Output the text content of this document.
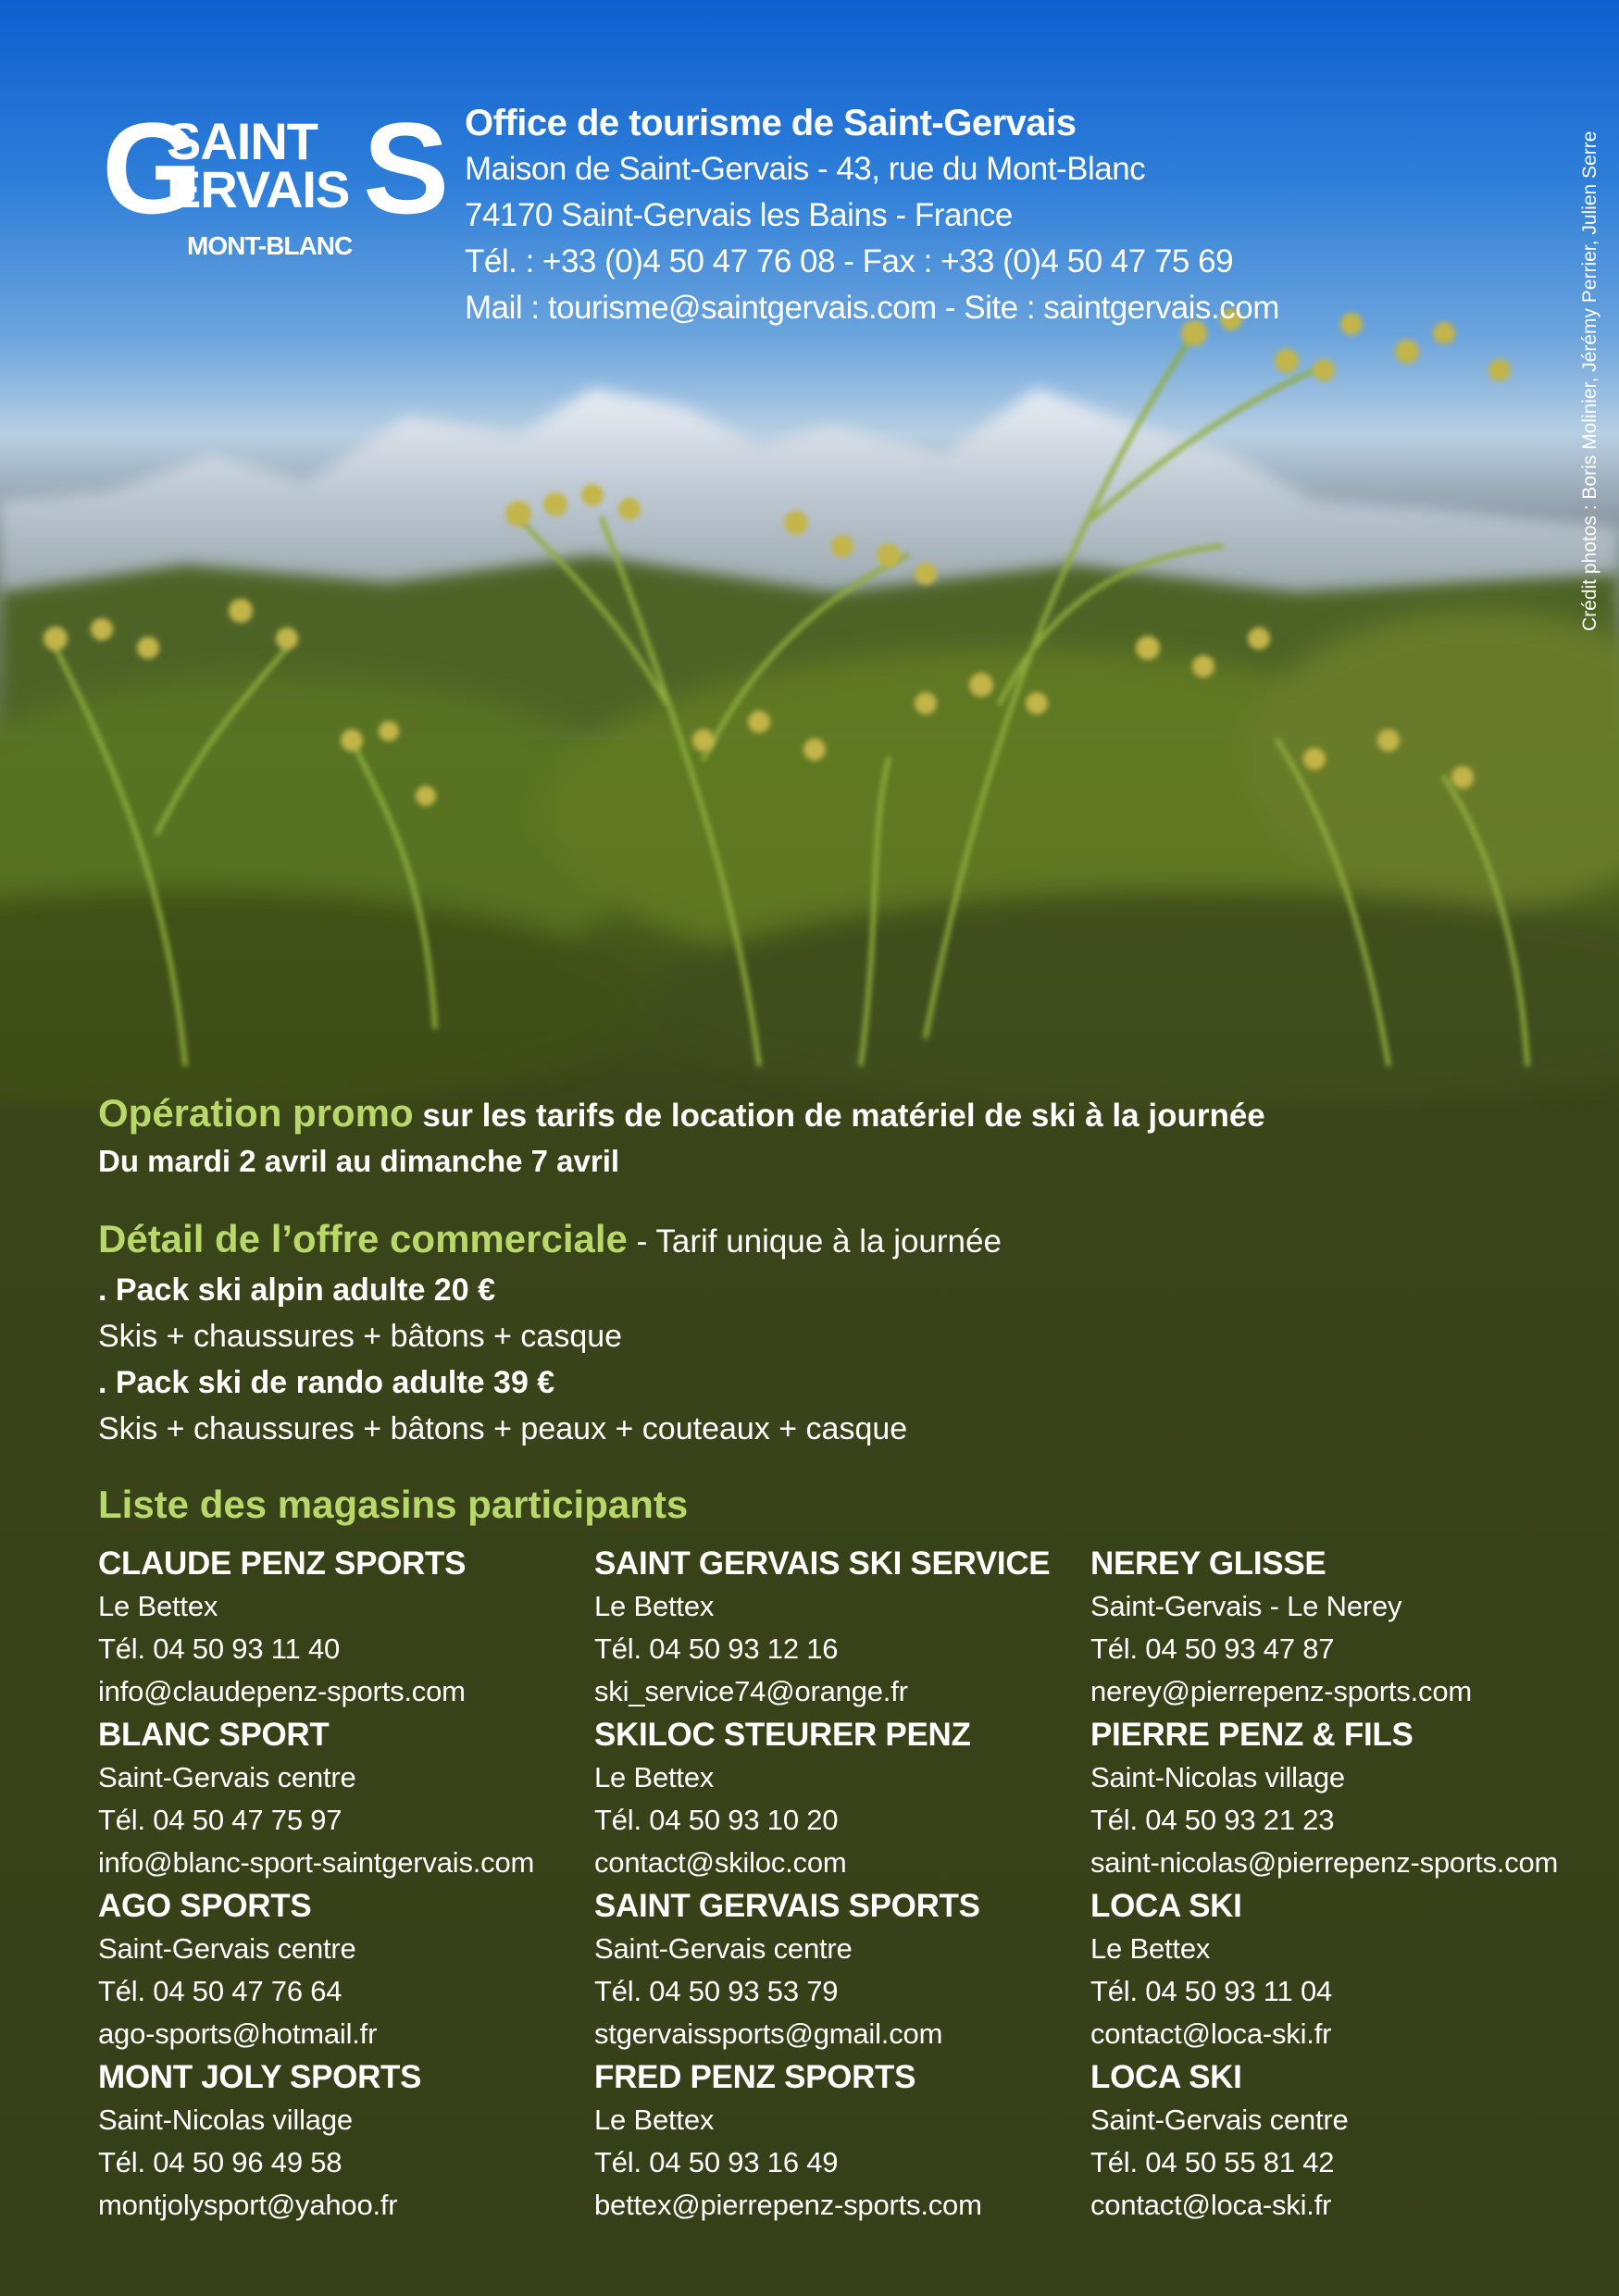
G
SAINT
ERVAIS
MONT-BLANC
S Office de tourisme de Saint-Gervais
Maison de Saint-Gervais - 43, rue du Mont-Blanc
74170 Saint-Gervais les Bains - France
Tél. : +33 (0)4 50 47 76 08 - Fax : +33 (0)4 50 47 75 69
Mail : tourisme@saintgervais.com - Site : saintgervais.com	Crédit photos : Boris Molinier, Jérémy Perrier, Julien Serre
Opération promo sur les tarifs de location de matériel de ski à la journée
Du mardi 2 avril au dimanche 7 avril
Détail de l’offre commerciale - Tarif unique à la journée
. Pack ski alpin adulte 20 €
Skis + chaussures + bâtons + casque
. Pack ski de rando adulte 39 €
Skis + chaussures + bâtons + peaux + couteaux + casque
Liste des magasins participants
CLAUDE PENZ SPORTS
Le Bettex
Tél. 04 50 93 11 40
info@claudepenz-sports.com
BLANC SPORT
Saint-Gervais centre
Tél. 04 50 47 75 97
info@blanc-sport-saintgervais.com
AGO SPORTS
Saint-Gervais centre
Tél. 04 50 47 76 64
ago-sports@hotmail.fr
MONT JOLY SPORTS
Saint-Nicolas village
Tél. 04 50 96 49 58
montjolysport@yahoo.fr
SAINT GERVAIS SKI SERVICE
Le Bettex
Tél. 04 50 93 12 16
ski_service74@orange.fr
SKILOC STEURER PENZ
Le Bettex
Tél. 04 50 93 10 20
contact@skiloc.com
SAINT GERVAIS SPORTS
Saint-Gervais centre
Tél. 04 50 93 53 79
stgervaissports@gmail.com
FRED PENZ SPORTS
Le Bettex
Tél. 04 50 93 16 49
bettex@pierrepenz-sports.com
NEREY GLISSE
Saint-Gervais - Le Nerey
Tél. 04 50 93 47 87
nerey@pierrepenz-sports.com
PIERRE PENZ & FILS
Saint-Nicolas village
Tél. 04 50 93 21 23
saint-nicolas@pierrepenz-sports.com
LOCA SKI
Le Bettex
Tél. 04 50 93 11 04
contact@loca-ski.fr
LOCA SKI
Saint-Gervais centre
Tél. 04 50 55 81 42
contact@loca-ski.fr
